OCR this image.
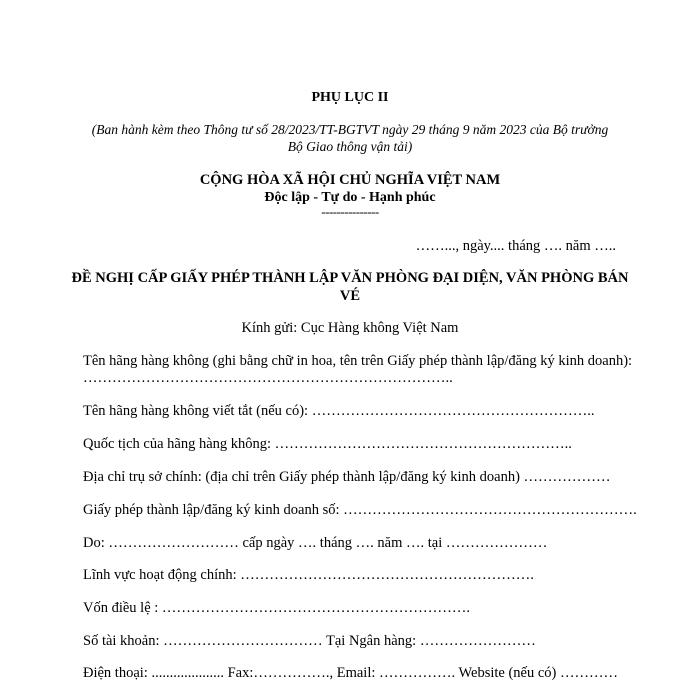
PHỤ LỤC II
(Ban hành kèm theo Thông tư số 28/2023/TT-BGTVT ngày 29 tháng 9 năm 2023 của Bộ trưởng
Bộ Giao thông vận tải)
CỘNG HÒA XÃ HỘI CHỦ NGHĨA VIỆT NAM
Độc lập - Tự do - Hạnh phúc
---------------
……..., ngày.... tháng …. năm …..
ĐỀ NGHỊ CẤP GIẤY PHÉP THÀNH LẬP VĂN PHÒNG ĐẠI DIỆN, VĂN PHÒNG BÁN
VÉ
Kính gửi: Cục Hàng không Việt Nam
Tên hãng hàng không (ghi bằng chữ in hoa, tên trên Giấy phép thành lập/đăng ký kinh doanh):
…………………………………………………………………..
Tên hãng hàng không viết tắt (nếu có): …………………………………………………..
Quốc tịch của hãng hàng không: ……………………………………………………..
Địa chỉ trụ sở chính: (địa chỉ trên Giấy phép thành lập/đăng ký kinh doanh) ………………
Giấy phép thành lập/đăng ký kinh doanh số: …………………………………………………….
Do: ……………………… cấp ngày …. tháng …. năm …. tại …………………
Lĩnh vực hoạt động chính: …………………………………………………….
Vốn điều lệ : ……………………………………………………….
Số tài khoản: …………………………… Tại Ngân hàng: ……………………
Điện thoại: .................... Fax:……………., Email: ……………. Website (nếu có) …………
